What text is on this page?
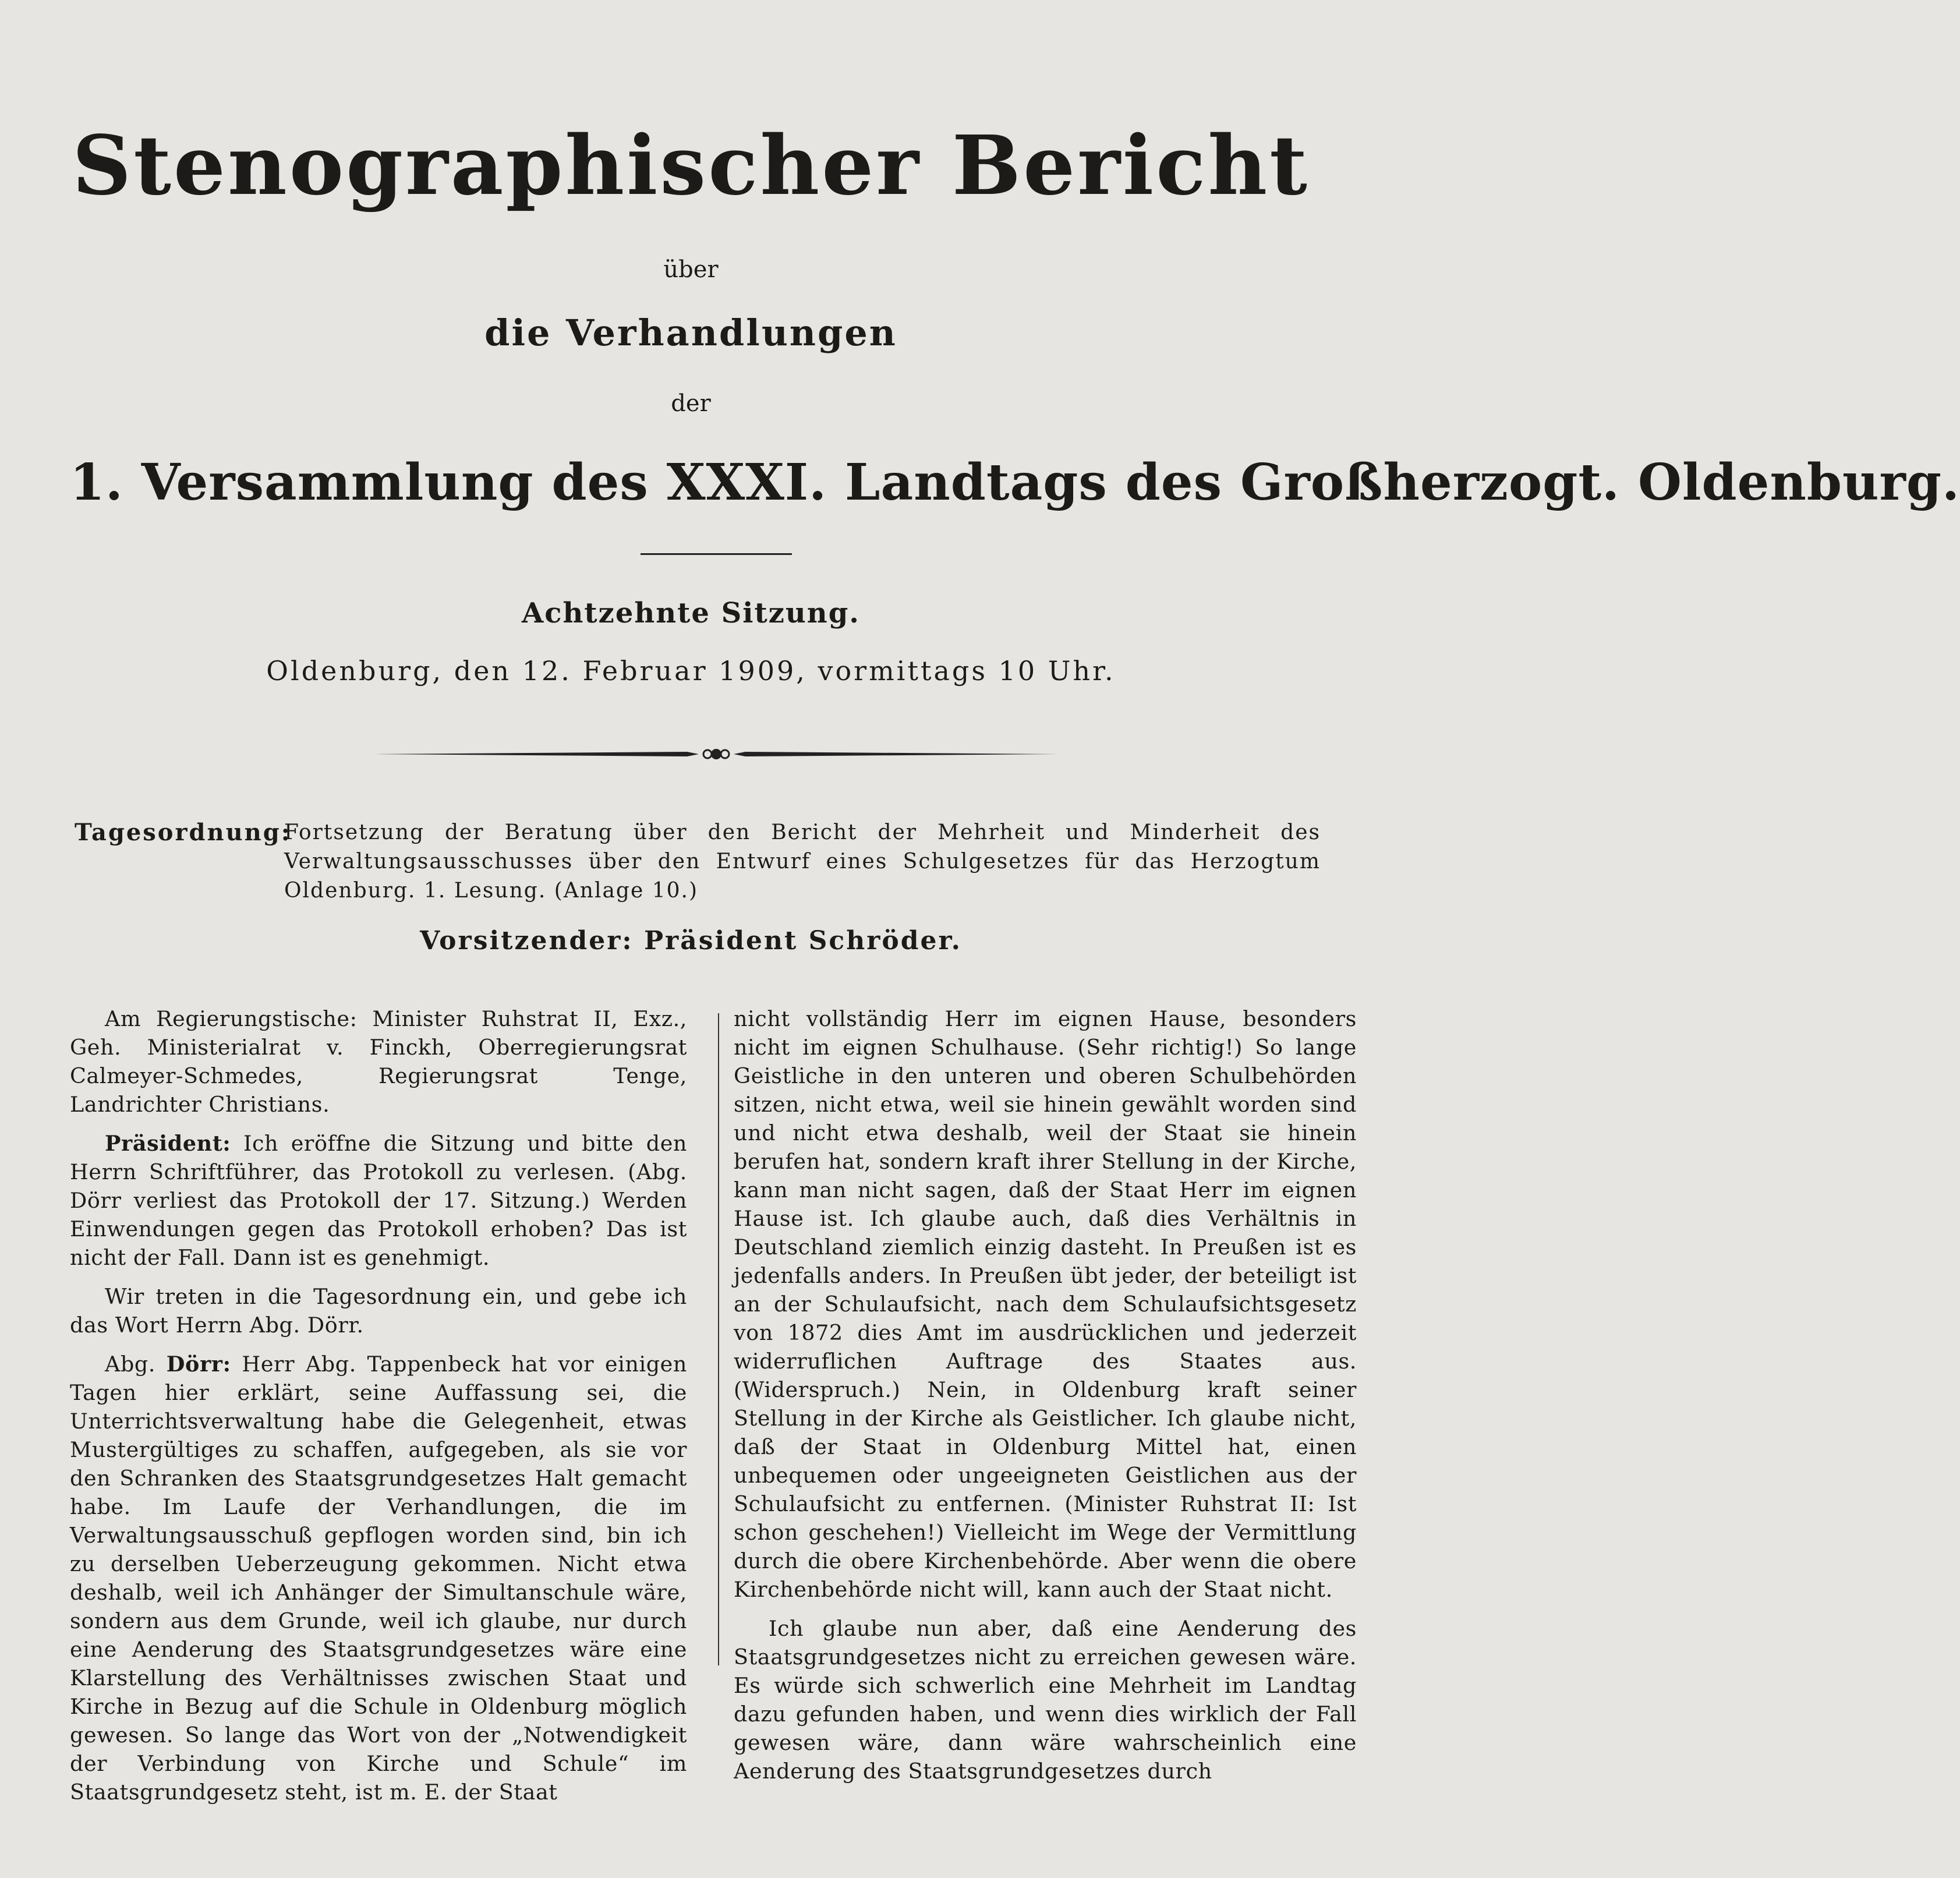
Stenographischer Bericht
über
die Verhandlungen
der
1. Versammlung des XXXI. Landtags des Großherzogt. Oldenburg.
Achtzehnte Sitzung.
Oldenburg, den 12. Februar 1909, vormittags 10 Uhr.
Tagesordnung:
Fortsetzung der Beratung über den Bericht der Mehrheit und Minderheit des Verwaltungsausschusses über den Entwurf eines Schulgesetzes für das Herzogtum Oldenburg. 1. Lesung. (Anlage 10.)
Vorsitzender: Präsident Schröder.

Am Regierungstische: Minister Ruhstrat II, Exz., Geh. Ministerialrat v. Finckh, Oberregierungsrat Calmeyer-Schmedes, Regierungsrat Tenge, Landrichter Christians.

Präsident: Ich eröffne die Sitzung und bitte den Herrn Schriftführer, das Protokoll zu verlesen. (Abg. Dörr verliest das Protokoll der 17. Sitzung.) Werden Einwendungen gegen das Protokoll erhoben? Das ist nicht der Fall. Dann ist es genehmigt.

Wir treten in die Tagesordnung ein, und gebe ich das Wort Herrn Abg. Dörr.

Abg. Dörr: Herr Abg. Tappenbeck hat vor einigen Tagen hier erklärt, seine Auffassung sei, die Unterrichtsverwaltung habe die Gelegenheit, etwas Mustergültiges zu schaffen, aufgegeben, als sie vor den Schranken des Staatsgrundgesetzes Halt gemacht habe. Im Laufe der Verhandlungen, die im Verwaltungsausschuß gepflogen worden sind, bin ich zu derselben Ueberzeugung gekommen. Nicht etwa deshalb, weil ich Anhänger der Simultanschule wäre, sondern aus dem Grunde, weil ich glaube, nur durch eine Aenderung des Staatsgrundgesetzes wäre eine Klarstellung des Verhältnisses zwischen Staat und Kirche in Bezug auf die Schule in Oldenburg möglich gewesen. So lange das Wort von der „Notwendigkeit der Verbindung von Kirche und Schule“ im Staatsgrundgesetz steht, ist m. E. der Staat

nicht vollständig Herr im eignen Hause, besonders nicht im eignen Schulhause. (Sehr richtig!) So lange Geistliche in den unteren und oberen Schulbehörden sitzen, nicht etwa, weil sie hinein gewählt worden sind und nicht etwa deshalb, weil der Staat sie hinein berufen hat, sondern kraft ihrer Stellung in der Kirche, kann man nicht sagen, daß der Staat Herr im eignen Hause ist. Ich glaube auch, daß dies Verhältnis in Deutschland ziemlich einzig dasteht. In Preußen ist es jedenfalls anders. In Preußen übt jeder, der beteiligt ist an der Schulaufsicht, nach dem Schulaufsichtsgesetz von 1872 dies Amt im ausdrücklichen und jederzeit widerruflichen Auftrage des Staates aus. (Widerspruch.) Nein, in Oldenburg kraft seiner Stellung in der Kirche als Geistlicher. Ich glaube nicht, daß der Staat in Oldenburg Mittel hat, einen unbequemen oder ungeeigneten Geistlichen aus der Schulaufsicht zu entfernen. (Minister Ruhstrat II: Ist schon geschehen!) Vielleicht im Wege der Vermittlung durch die obere Kirchenbehörde. Aber wenn die obere Kirchenbehörde nicht will, kann auch der Staat nicht.

Ich glaube nun aber, daß eine Aenderung des Staatsgrundgesetzes nicht zu erreichen gewesen wäre. Es würde sich schwerlich eine Mehrheit im Landtag dazu gefunden haben, und wenn dies wirklich der Fall gewesen wäre, dann wäre wahrscheinlich eine Aenderung des Staatsgrundgesetzes durch
